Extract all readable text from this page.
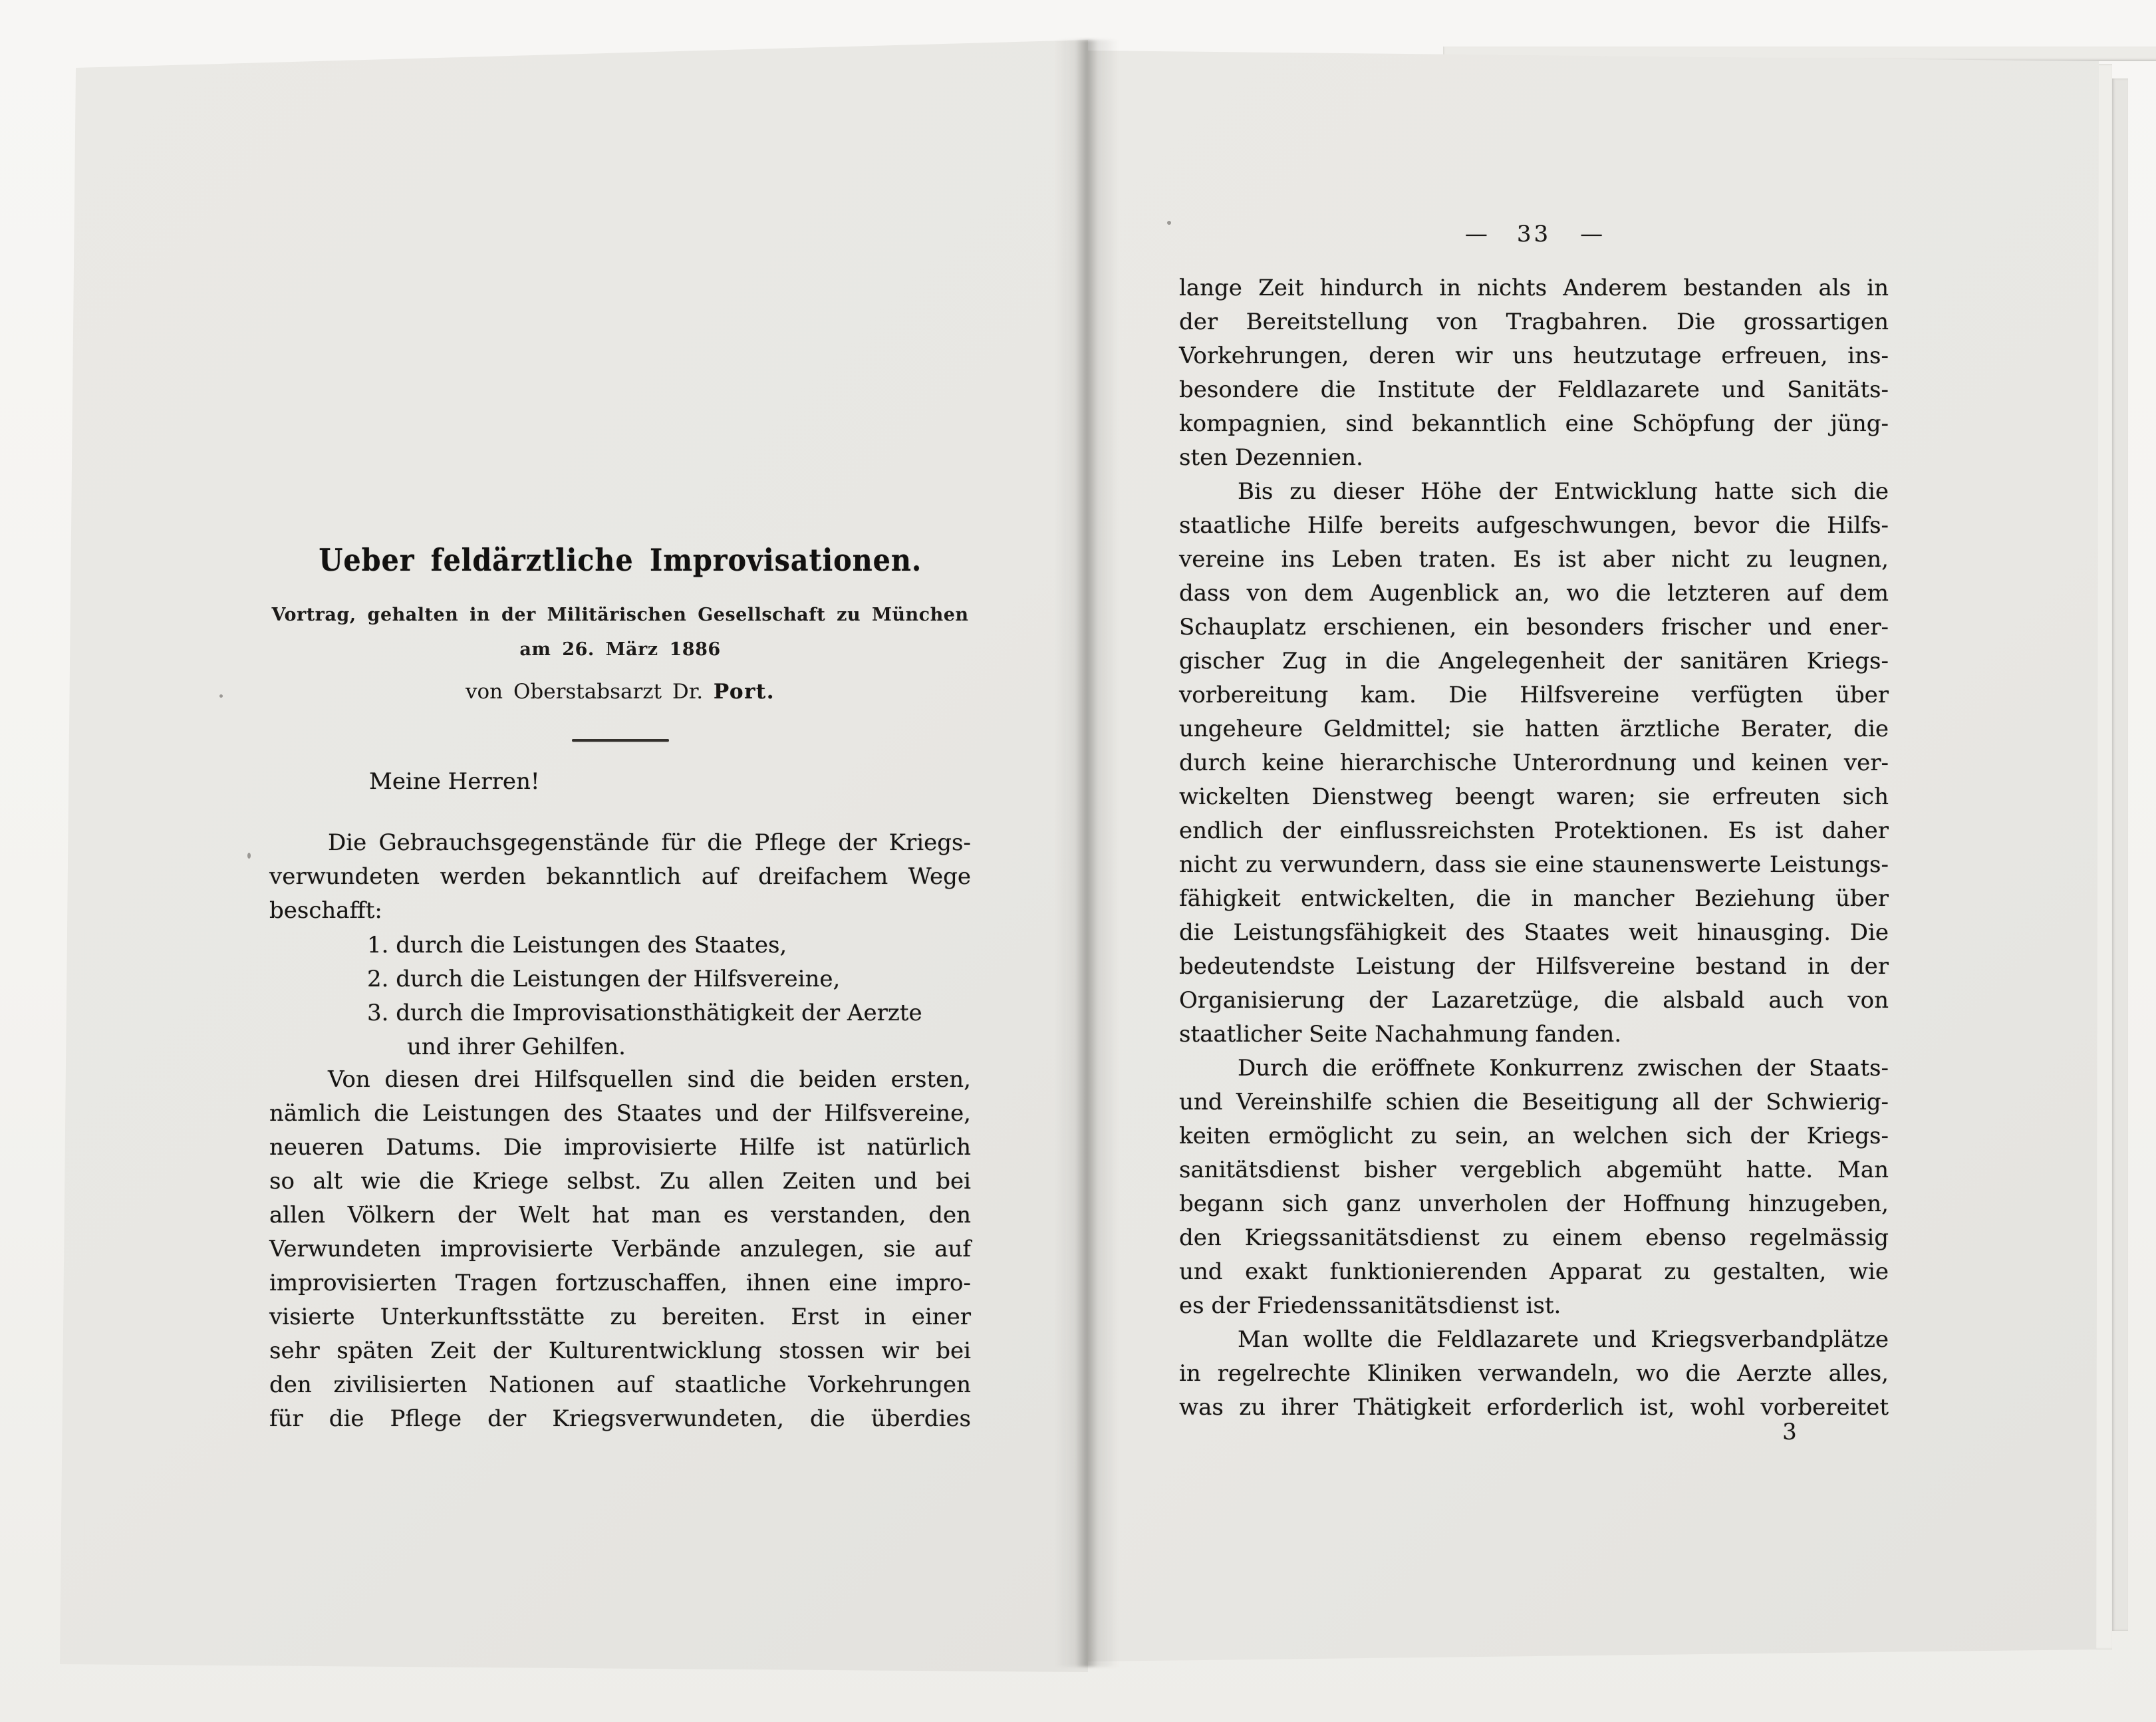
Ueber feldärztliche Improvisationen.
Vortrag, gehalten in der Militärischen Gesellschaft zu München
am 26. März 1886
von Oberstabsarzt Dr. Port.
Meine Herren!
Die Gebrauchsgegenstände für die Pflege der Kriegs-
verwundeten werden bekanntlich auf dreifachem Wege
beschafft:
1. durch die Leistungen des Staates,
2. durch die Leistungen der Hilfsvereine,
3. durch die Improvisationsthätigkeit der Aerzte
und ihrer Gehilfen.
Von diesen drei Hilfsquellen sind die beiden ersten,
nämlich die Leistungen des Staates und der Hilfsvereine,
neueren Datums. Die improvisierte Hilfe ist natürlich
so alt wie die Kriege selbst. Zu allen Zeiten und bei
allen Völkern der Welt hat man es verstanden, den
Verwundeten improvisierte Verbände anzulegen, sie auf
improvisierten Tragen fortzuschaffen, ihnen eine impro-
visierte Unterkunftsstätte zu bereiten. Erst in einer
sehr späten Zeit der Kulturentwicklung stossen wir bei
den zivilisierten Nationen auf staatliche Vorkehrungen
für die Pflege der Kriegsverwundeten, die überdies
— 33 —
lange Zeit hindurch in nichts Anderem bestanden als in
der Bereitstellung von Tragbahren. Die grossartigen
Vorkehrungen, deren wir uns heutzutage erfreuen, ins-
besondere die Institute der Feldlazarete und Sanitäts-
kompagnien, sind bekanntlich eine Schöpfung der jüng-
sten Dezennien.
Bis zu dieser Höhe der Entwicklung hatte sich die
staatliche Hilfe bereits aufgeschwungen, bevor die Hilfs-
vereine ins Leben traten. Es ist aber nicht zu leugnen,
dass von dem Augenblick an, wo die letzteren auf dem
Schauplatz erschienen, ein besonders frischer und ener-
gischer Zug in die Angelegenheit der sanitären Kriegs-
vorbereitung kam. Die Hilfsvereine verfügten über
ungeheure Geldmittel; sie hatten ärztliche Berater, die
durch keine hierarchische Unterordnung und keinen ver-
wickelten Dienstweg beengt waren; sie erfreuten sich
endlich der einflussreichsten Protektionen. Es ist daher
nicht zu verwundern, dass sie eine staunenswerte Leistungs-
fähigkeit entwickelten, die in mancher Beziehung über
die Leistungsfähigkeit des Staates weit hinausging. Die
bedeutendste Leistung der Hilfsvereine bestand in der
Organisierung der Lazaretzüge, die alsbald auch von
staatlicher Seite Nachahmung fanden.
Durch die eröffnete Konkurrenz zwischen der Staats-
und Vereinshilfe schien die Beseitigung all der Schwierig-
keiten ermöglicht zu sein, an welchen sich der Kriegs-
sanitätsdienst bisher vergeblich abgemüht hatte. Man
begann sich ganz unverholen der Hoffnung hinzugeben,
den Kriegssanitätsdienst zu einem ebenso regelmässig
und exakt funktionierenden Apparat zu gestalten, wie
es der Friedenssanitätsdienst ist.
Man wollte die Feldlazarete und Kriegsverbandplätze
in regelrechte Kliniken verwandeln, wo die Aerzte alles,
was zu ihrer Thätigkeit erforderlich ist, wohl vorbereitet
3
